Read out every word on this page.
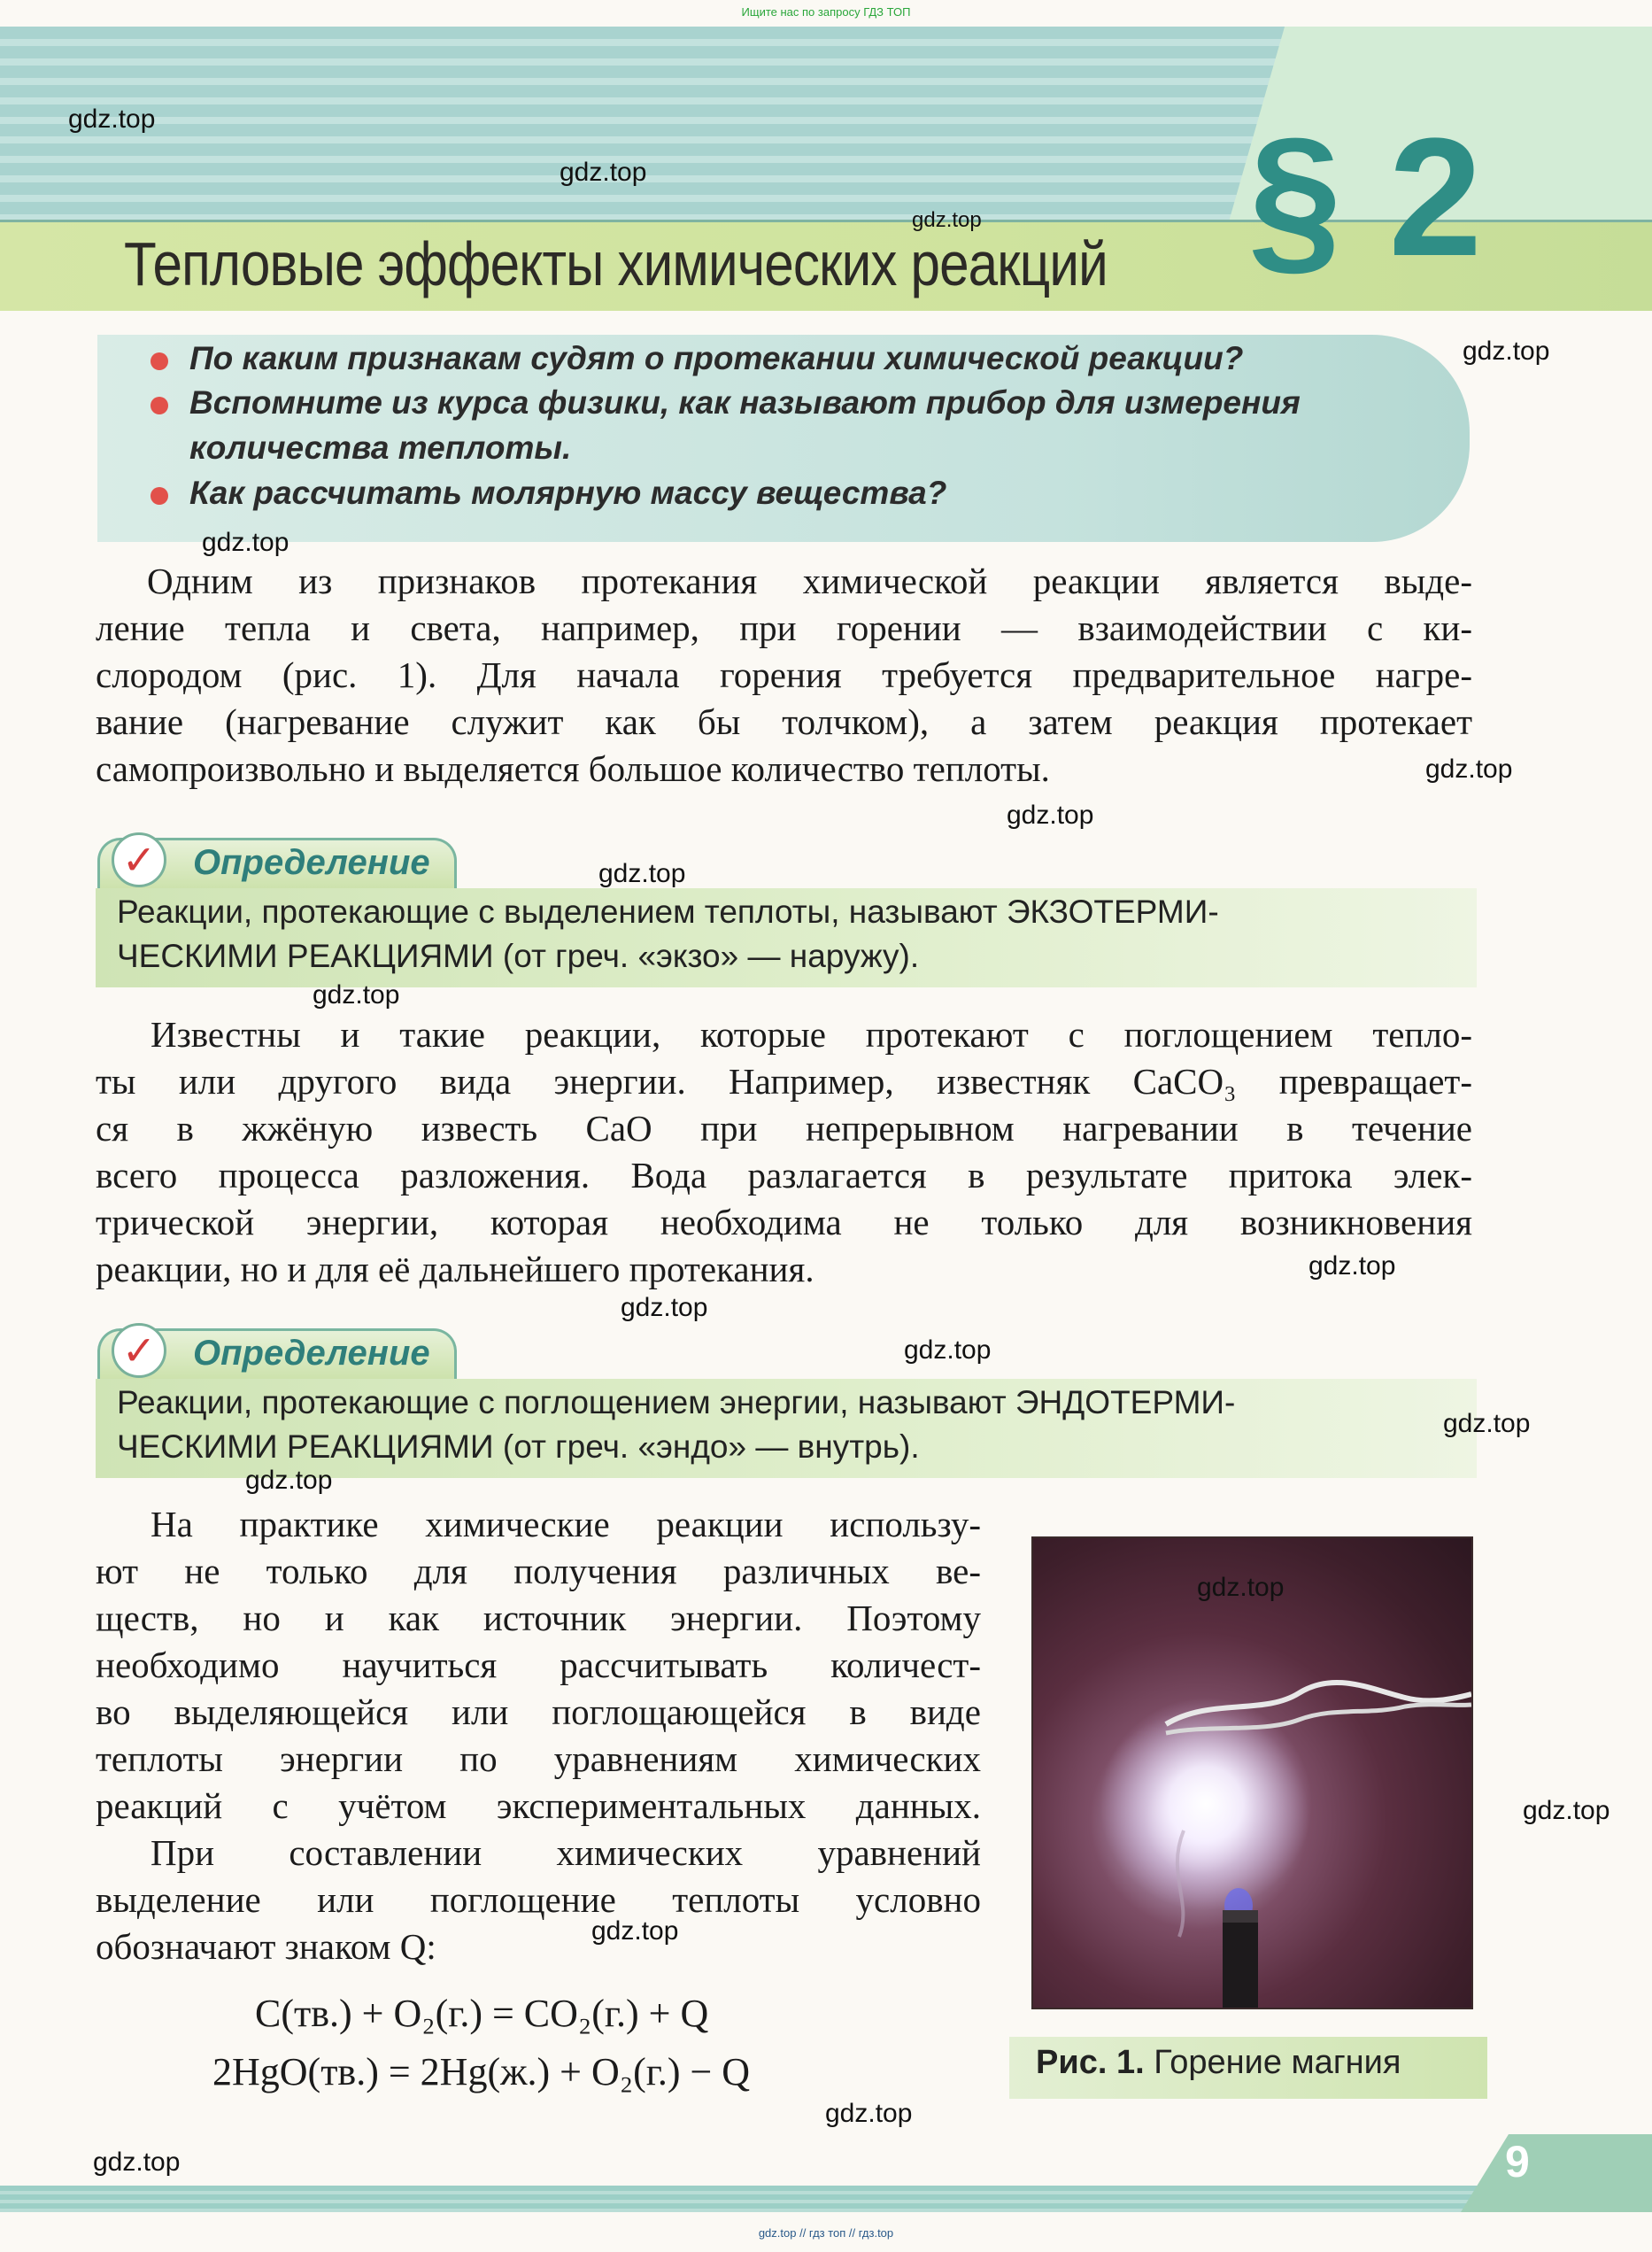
Ищите нас по запросу ГДЗ ТОП
Тепловые эффекты химических реакций § 2
По каким признакам судят о протекании химической реакции?
Вспомните из курса физики, как называют прибор для измерения
количества теплоты.
Как рассчитать молярную массу вещества?
Одним из признаков протекания химической реакции является выде-
ление тепла и света, например, при горении — взаимодействии с ки-
слородом (рис. 1). Для начала горения требуется предварительное нагре-
вание (нагревание служит как бы толчком), а затем реакция протекает
самопроизвольно и выделяется большое количество теплоты.
✓ Определение
Реакции, протекающие с выделением теплоты, называют ЭКЗОТЕРМИ-
ЧЕСКИМИ РЕАКЦИЯМИ (от греч. «экзо» — наружу).
Известны и такие реакции, которые протекают с поглощением тепло-
ты или другого вида энергии. Например, известняк CaCO₃ превращает-
ся в жжёную известь CaO при непрерывном нагревании в течение
всего процесса разложения. Вода разлагается в результате притока элек-
трической энергии, которая необходима не только для возникновения
реакции, но и для её дальнейшего протекания.
✓ Определение
Реакции, протекающие с поглощением энергии, называют ЭНДОТЕРМИ-
ЧЕСКИМИ РЕАКЦИЯМИ (от греч. «эндо» — внутрь).
На практике химические реакции использу-
ют не только для получения различных ве-
ществ, но и как источник энергии. Поэтому
необходимо научиться рассчитывать количест-
во выделяющейся или поглощающейся в виде
теплоты энергии по уравнениям химических
реакций с учётом экспериментальных данных.
При составлении химических уравнений
выделение или поглощение теплоты условно
обозначают знаком Q:
C(тв.) + O₂(г.) = CO₂(г.) + Q
2HgO(тв.) = 2Hg(ж.) + O₂(г.) − Q	Рис. 1. Горение магния
9
gdz.top // гдз топ // гдз.top
gdz.top
gdz.top
gdz.top
gdz.top
gdz.top
gdz.top
gdz.top
gdz.top
gdz.top
gdz.top
gdz.top
gdz.top
gdz.top
gdz.top
gdz.top
gdz.top
gdz.top
gdz.top
gdz.top
